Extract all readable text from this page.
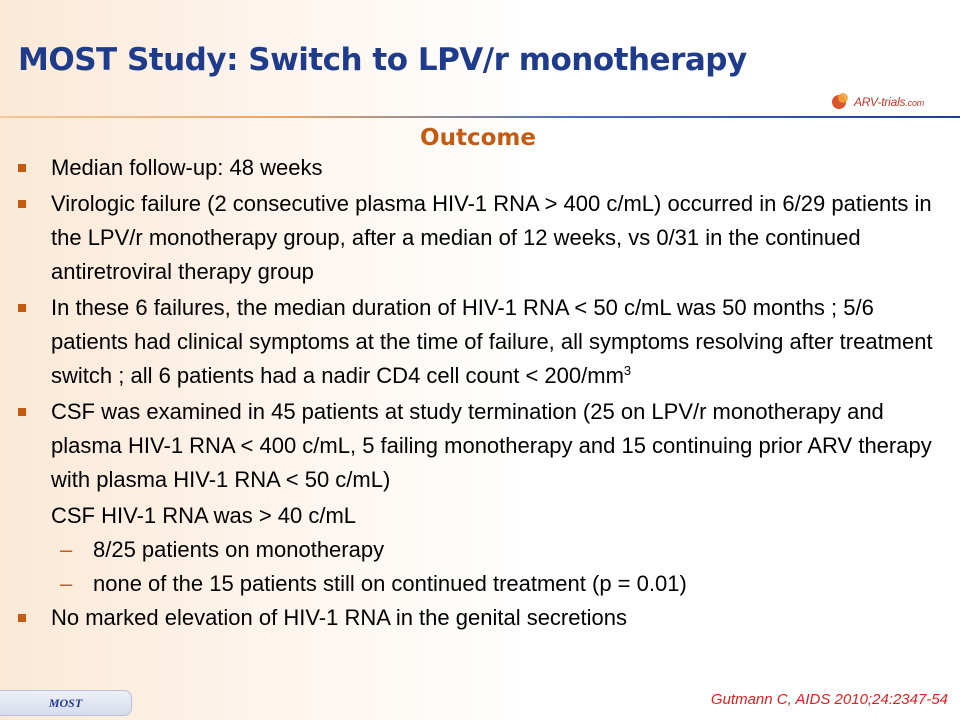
MOST Study: Switch to LPV/r monotherapy
ARV-trials.com
Outcome
Median follow-up: 48 weeks
Virologic failure (2 consecutive plasma HIV-1 RNA > 400 c/mL) occurred in 6/29 patients in the LPV/r monotherapy group, after a median of 12 weeks, vs 0/31 in the continued antiretroviral therapy group
In these 6 failures, the median duration of HIV-1 RNA < 50 c/mL was 50 months ; 5/6 patients had clinical symptoms at the time of failure, all symptoms resolving after treatment switch ; all 6 patients had a nadir CD4 cell count < $200/mm^3$
CSF was examined in 45 patients at study termination (25 on LPV/r monotherapy and plasma HIV-1 RNA < 400 c/mL, 5 failing monotherapy and 15 continuing prior ARV therapy with plasma HIV-1 RNA < 50 c/mL)
CSF HIV-1 RNA was > 40 c/mL
– 8/25 patients on monotherapy
– none of the 15 patients still on continued treatment (p = 0.01)
No marked elevation of HIV-1 RNA in the genital secretions
MOST	Gutmann C, AIDS 2010;24:2347-54
